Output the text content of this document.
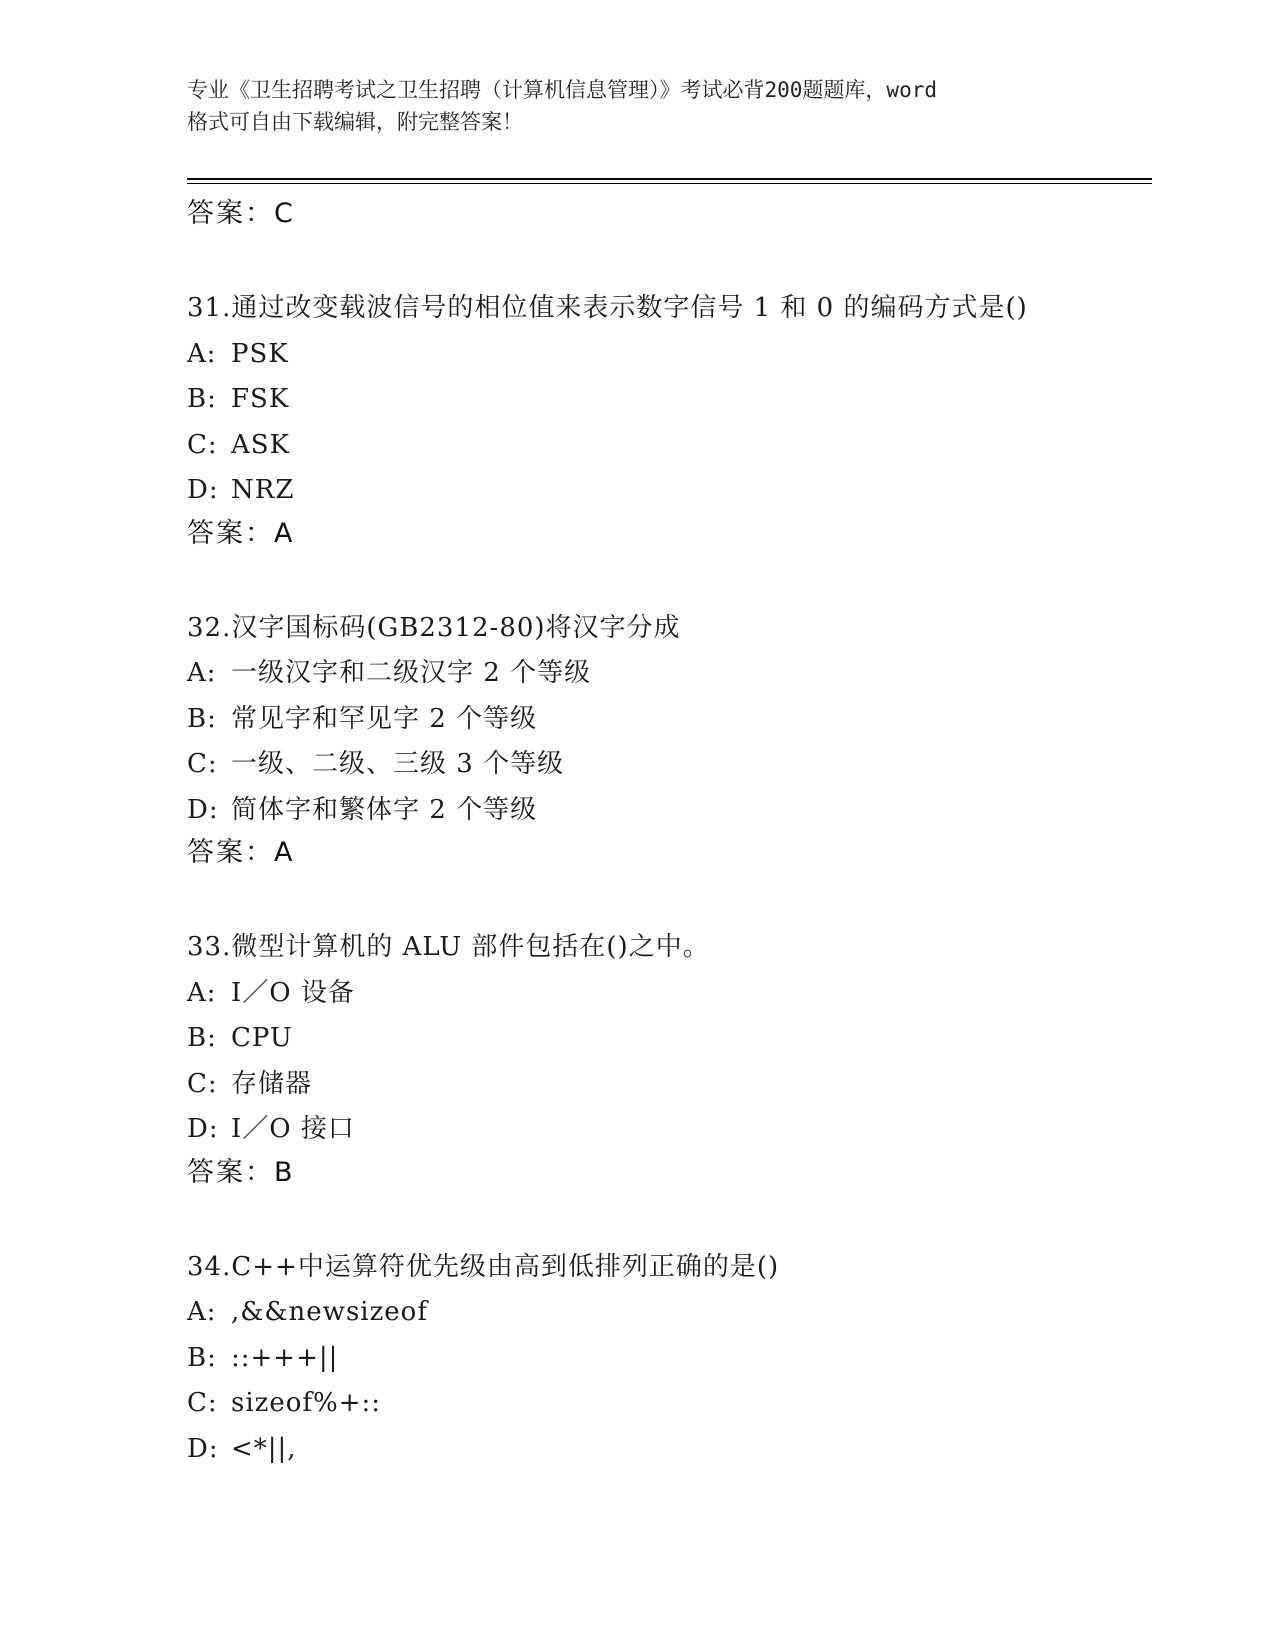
专业《卫生招聘考试之卫生招聘（计算机信息管理）》考试必背200题题库，word
格式可自由下载编辑，附完整答案！
答案：C
31.通过改变载波信号的相位值来表示数字信号 1 和 0 的编码方式是()
A: PSK
B: FSK
C: ASK
D: NRZ
答案：A
32.汉字国标码(GB2312-80)将汉字分成
A: 一级汉字和二级汉字 2 个等级
B: 常见字和罕见字 2 个等级
C: 一级、二级、三级 3 个等级
D: 简体字和繁体字 2 个等级
答案：A
33.微型计算机的 ALU 部件包括在()之中。
A: I／O 设备
B: CPU
C: 存储器
D: I／O 接口
答案：B
34.C++中运算符优先级由高到低排列正确的是()
A: ,&&newsizeof
B: ::+++||
C: sizeof%+::
D: <*||,
